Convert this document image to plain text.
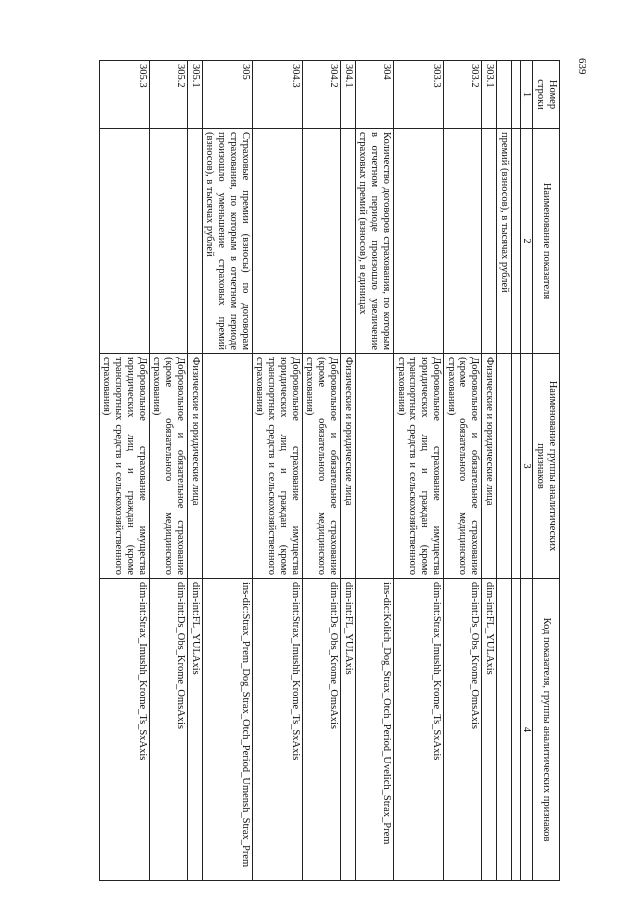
639
Номер строки	Наименование показателя	Наименование группы аналитических признаков	Код показателя, группы аналитических признаков
1	2	3	4

	премий (взносов), в тысячах рублей		
303.1		Физические и юридические лица	dim-int:FL_YULAxis
303.2		Добровольное и обязательное страхование (кроме обязательного медицинского страхования)	dim-int:Ds_Obs_Krome_OmsAxis
303.3		Добровольное страхование имущества юридических лиц и граждан (кроме транспортных средств и сельскохозяйственного страхования)	dim-int:Strax_Imushh_Krome_Ts_SxAxis
304	Количество договоров страхования, по которым в отчетном периоде произошло увеличение страховых премий (взносов), в единицах		ins-dic:Kolich_Dog_Strax_Otch_Period_Uvelich_Strax_Prem
304.1		Физические и юридические лица	dim-int:FL_YULAxis
304.2		Добровольное и обязательное страхование (кроме обязательного медицинского страхования)	dim-int:Ds_Obs_Krome_OmsAxis
304.3		Добровольное страхование имущества юридических лиц и граждан (кроме транспортных средств и сельскохозяйственного страхования)	dim-int:Strax_Imushh_Krome_Ts_SxAxis
305	Страховые премии (взносы) по договорам страхования, по которым в отчетном периоде произошло уменьшение страховых премий (взносов), в тысячах рублей		ins-dic:Strax_Prem_Dog_Strax_Otch_Period_Umensh_Strax_Prem
305.1		Физические и юридические лица	dim-int:FL_YULAxis
305.2		Добровольное и обязательное страхование (кроме обязательного медицинского страхования)	dim-int:Ds_Obs_Krome_OmsAxis
305.3		Добровольное страхование имущества юридических лиц и граждан (кроме транспортных средств и сельскохозяйственного страхования)	dim-int:Strax_Imushh_Krome_Ts_SxAxis
